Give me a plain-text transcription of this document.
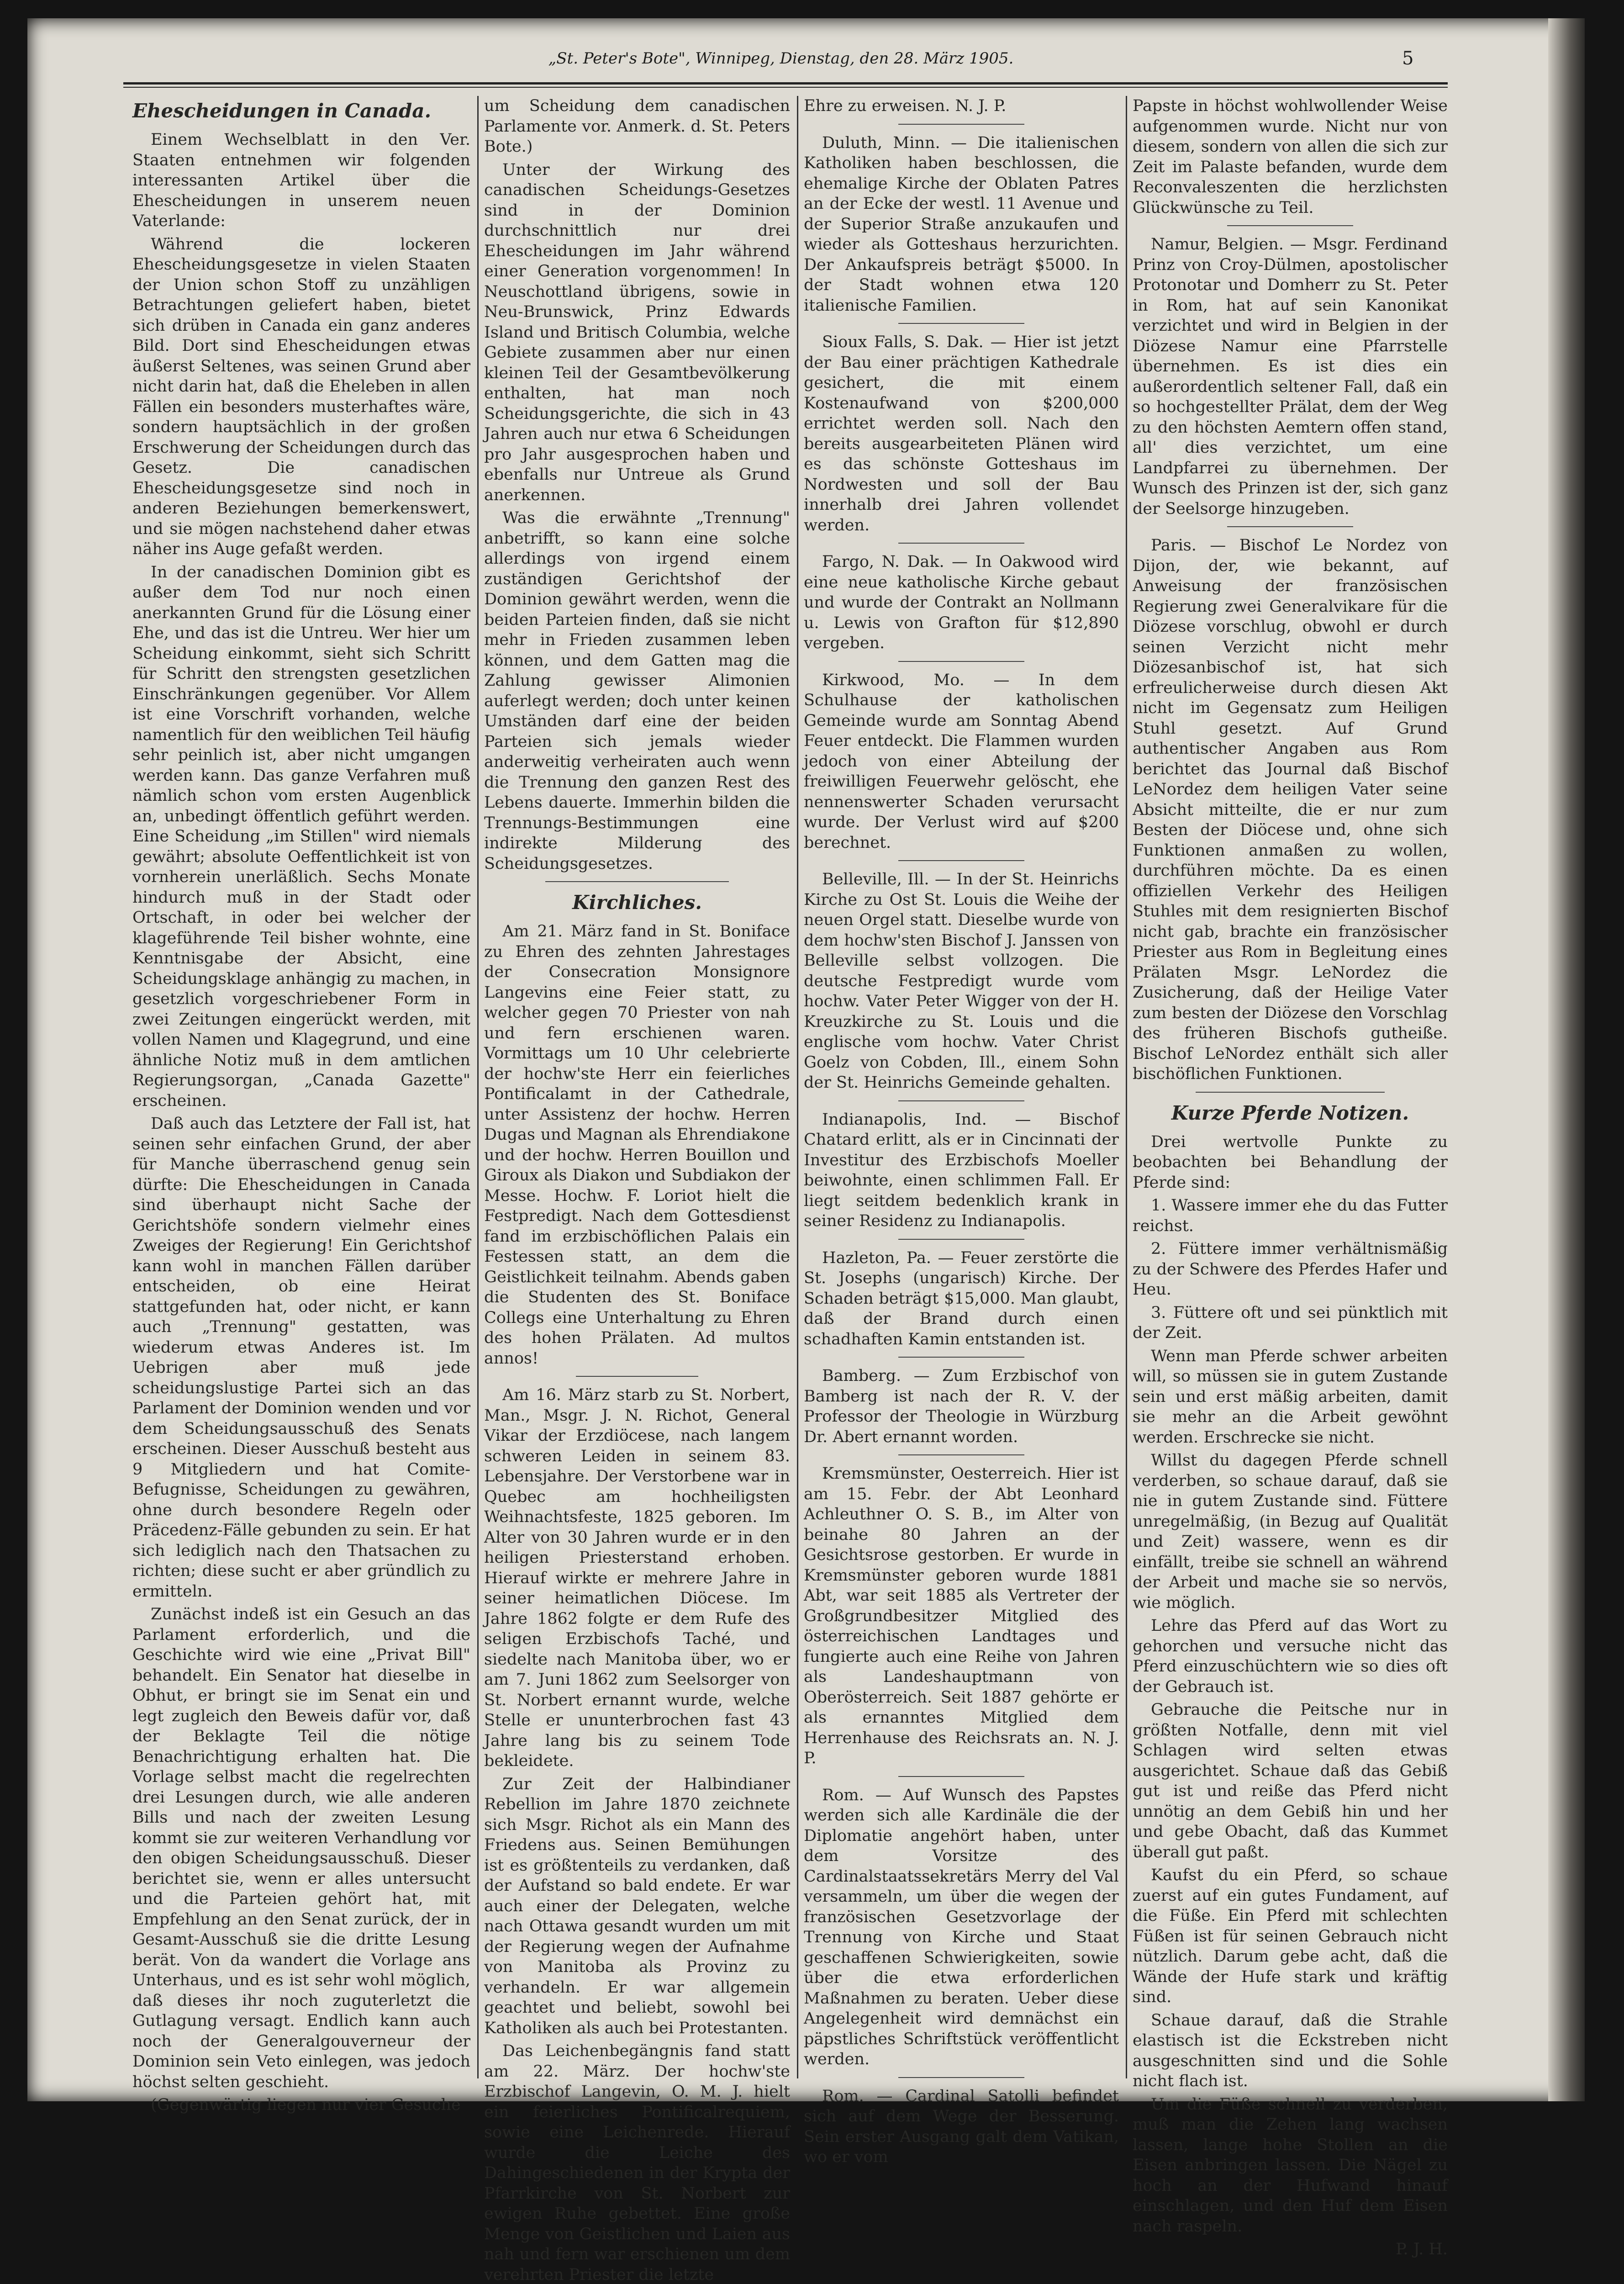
„St. Peter's Bote", Winnipeg, Dienstag, den 28. März 1905.	5
Ehescheidungen in Canada.

Einem Wechselblatt in den Ver. Staaten entnehmen wir folgenden interessanten Artikel über die Ehescheidungen in unserem neuen Vaterlande:

Während die lockeren Ehescheidungsgesetze in vielen Staaten der Union schon Stoff zu unzähligen Betrachtungen geliefert haben, bietet sich drüben in Canada ein ganz anderes Bild. Dort sind Ehescheidungen etwas äußerst Seltenes, was seinen Grund aber nicht darin hat, daß die Eheleben in allen Fällen ein besonders musterhaftes wäre, sondern hauptsächlich in der großen Erschwerung der Scheidungen durch das Gesetz. Die canadischen Ehescheidungsgesetze sind noch in anderen Beziehungen bemerkenswert, und sie mögen nachstehend daher etwas näher ins Auge gefaßt werden.

In der canadischen Dominion gibt es außer dem Tod nur noch einen anerkannten Grund für die Lösung einer Ehe, und das ist die Untreu. Wer hier um Scheidung einkommt, sieht sich Schritt für Schritt den strengsten gesetzlichen Einschränkungen gegenüber. Vor Allem ist eine Vorschrift vorhanden, welche namentlich für den weiblichen Teil häufig sehr peinlich ist, aber nicht umgangen werden kann. Das ganze Verfahren muß nämlich schon vom ersten Augenblick an, unbedingt öffentlich geführt werden. Eine Scheidung „im Stillen" wird niemals gewährt; absolute Oeffentlichkeit ist von vornherein unerläßlich. Sechs Monate hindurch muß in der Stadt oder Ortschaft, in oder bei welcher der klageführende Teil bisher wohnte, eine Kenntnisgabe der Absicht, eine Scheidungsklage anhängig zu machen, in gesetzlich vorgeschriebener Form in zwei Zeitungen eingerückt werden, mit vollen Namen und Klagegrund, und eine ähnliche Notiz muß in dem amtlichen Regierungsorgan, „Canada Gazette" erscheinen.

Daß auch das Letztere der Fall ist, hat seinen sehr einfachen Grund, der aber für Manche überraschend genug sein dürfte: Die Ehescheidungen in Canada sind überhaupt nicht Sache der Gerichtshöfe sondern vielmehr eines Zweiges der Regierung! Ein Gerichtshof kann wohl in manchen Fällen darüber entscheiden, ob eine Heirat stattgefunden hat, oder nicht, er kann auch „Trennung" gestatten, was wiederum etwas Anderes ist. Im Uebrigen aber muß jede scheidungslustige Partei sich an das Parlament der Dominion wenden und vor dem Scheidungsausschuß des Senats erscheinen. Dieser Ausschuß besteht aus 9 Mitgliedern und hat Comite-Befugnisse, Scheidungen zu gewähren, ohne durch besondere Regeln oder Präcedenz-Fälle gebunden zu sein. Er hat sich lediglich nach den Thatsachen zu richten; diese sucht er aber gründlich zu ermitteln.

Zunächst indeß ist ein Gesuch an das Parlament erforderlich, und die Geschichte wird wie eine „Privat Bill" behandelt. Ein Senator hat dieselbe in Obhut, er bringt sie im Senat ein und legt zugleich den Beweis dafür vor, daß der Beklagte Teil die nötige Benachrichtigung erhalten hat. Die Vorlage selbst macht die regelrechten drei Lesungen durch, wie alle anderen Bills und nach der zweiten Lesung kommt sie zur weiteren Verhandlung vor den obigen Scheidungsausschuß. Dieser berichtet sie, wenn er alles untersucht und die Parteien gehört hat, mit Empfehlung an den Senat zurück, der in Gesamt-Ausschuß sie die dritte Lesung berät. Von da wandert die Vorlage ans Unterhaus, und es ist sehr wohl möglich, daß dieses ihr noch zuguterletzt die Gutlagung versagt. Endlich kann auch noch der Generalgouverneur der Dominion sein Veto einlegen, was jedoch höchst selten geschieht.

(Gegenwärtig liegen nur vier Gesuche

um Scheidung dem canadischen Parlamente vor. Anmerk. d. St. Peters Bote.)

Unter der Wirkung des canadischen Scheidungs-Gesetzes sind in der Dominion durchschnittlich nur drei Ehescheidungen im Jahr während einer Generation vorgenommen! In Neuschottland übrigens, sowie in Neu-Brunswick, Prinz Edwards Island und Britisch Columbia, welche Gebiete zusammen aber nur einen kleinen Teil der Gesamtbevölkerung enthalten, hat man noch Scheidungsgerichte, die sich in 43 Jahren auch nur etwa 6 Scheidungen pro Jahr ausgesprochen haben und ebenfalls nur Untreue als Grund anerkennen.

Was die erwähnte „Trennung" anbetrifft, so kann eine solche allerdings von irgend einem zuständigen Gerichtshof der Dominion gewährt werden, wenn die beiden Parteien finden, daß sie nicht mehr in Frieden zusammen leben können, und dem Gatten mag die Zahlung gewisser Alimonien auferlegt werden; doch unter keinen Umständen darf eine der beiden Parteien sich jemals wieder anderweitig verheiraten auch wenn die Trennung den ganzen Rest des Lebens dauerte. Immerhin bilden die Trennungs-Bestimmungen eine indirekte Milderung des Scheidungsgesetzes.

Kirchliches.

Am 21. März fand in St. Boniface zu Ehren des zehnten Jahrestages der Consecration Monsignore Langevins eine Feier statt, zu welcher gegen 70 Priester von nah und fern erschienen waren. Vormittags um 10 Uhr celebrierte der hochw'ste Herr ein feierliches Pontificalamt in der Cathedrale, unter Assistenz der hochw. Herren Dugas und Magnan als Ehrendiakone und der hochw. Herren Bouillon und Giroux als Diakon und Subdiakon der Messe. Hochw. F. Loriot hielt die Festpredigt. Nach dem Gottesdienst fand im erzbischöflichen Palais ein Festessen statt, an dem die Geistlichkeit teilnahm. Abends gaben die Studenten des St. Boniface Collegs eine Unterhaltung zu Ehren des hohen Prälaten. Ad multos annos!

Am 16. März starb zu St. Norbert, Man., Msgr. J. N. Richot, General Vikar der Erzdiöcese, nach langem schweren Leiden in seinem 83. Lebensjahre. Der Verstorbene war in Quebec am hochheiligsten Weihnachtsfeste, 1825 geboren. Im Alter von 30 Jahren wurde er in den heiligen Priesterstand erhoben. Hierauf wirkte er mehrere Jahre in seiner heimatlichen Diöcese. Im Jahre 1862 folgte er dem Rufe des seligen Erzbischofs Taché, und siedelte nach Manitoba über, wo er am 7. Juni 1862 zum Seelsorger von St. Norbert ernannt wurde, welche Stelle er ununterbrochen fast 43 Jahre lang bis zu seinem Tode bekleidete.

Zur Zeit der Halbindianer Rebellion im Jahre 1870 zeichnete sich Msgr. Richot als ein Mann des Friedens aus. Seinen Bemühungen ist es größtenteils zu verdanken, daß der Aufstand so bald endete. Er war auch einer der Delegaten, welche nach Ottawa gesandt wurden um mit der Regierung wegen der Aufnahme von Manitoba als Provinz zu verhandeln. Er war allgemein geachtet und beliebt, sowohl bei Katholiken als auch bei Protestanten.

Das Leichenbegängnis fand statt am 22. März. Der hochw'ste Erzbischof Langevin, O. M. J. hielt ein feierliches Pontificalrequiem, sowie eine Leichenrede. Hierauf wurde die Leiche des Dahingeschiedenen in der Krypta der Pfarrkirche von St. Norbert zur ewigen Ruhe gebettet. Eine große Menge von Geistlichen und Laien aus nah und fern war erschienen um dem verehrten Priester die letzte

Ehre zu erweisen. N. J. P.

Duluth, Minn. — Die italienischen Katholiken haben beschlossen, die ehemalige Kirche der Oblaten Patres an der Ecke der westl. 11 Avenue und der Superior Straße anzukaufen und wieder als Gotteshaus herzurichten. Der Ankaufspreis beträgt $5000. In der Stadt wohnen etwa 120 italienische Familien.

Sioux Falls, S. Dak. — Hier ist jetzt der Bau einer prächtigen Kathedrale gesichert, die mit einem Kostenaufwand von $200,000 errichtet werden soll. Nach den bereits ausgearbeiteten Plänen wird es das schönste Gotteshaus im Nordwesten und soll der Bau innerhalb drei Jahren vollendet werden.

Fargo, N. Dak. — In Oakwood wird eine neue katholische Kirche gebaut und wurde der Contrakt an Nollmann u. Lewis von Grafton für $12,890 vergeben.

Kirkwood, Mo. — In dem Schulhause der katholischen Gemeinde wurde am Sonntag Abend Feuer entdeckt. Die Flammen wurden jedoch von einer Abteilung der freiwilligen Feuerwehr gelöscht, ehe nennenswerter Schaden verursacht wurde. Der Verlust wird auf $200 berechnet.

Belleville, Ill. — In der St. Heinrichs Kirche zu Ost St. Louis die Weihe der neuen Orgel statt. Dieselbe wurde von dem hochw'sten Bischof J. Janssen von Belleville selbst vollzogen. Die deutsche Festpredigt wurde vom hochw. Vater Peter Wigger von der H. Kreuzkirche zu St. Louis und die englische vom hochw. Vater Christ Goelz von Cobden, Ill., einem Sohn der St. Heinrichs Gemeinde gehalten.

Indianapolis, Ind. — Bischof Chatard erlitt, als er in Cincinnati der Investitur des Erzbischofs Moeller beiwohnte, einen schlimmen Fall. Er liegt seitdem bedenklich krank in seiner Residenz zu Indianapolis.

Hazleton, Pa. — Feuer zerstörte die St. Josephs (ungarisch) Kirche. Der Schaden beträgt $15,000. Man glaubt, daß der Brand durch einen schadhaften Kamin entstanden ist.

Bamberg. — Zum Erzbischof von Bamberg ist nach der R. V. der Professor der Theologie in Würzburg Dr. Abert ernannt worden.

Kremsmünster, Oesterreich. Hier ist am 15. Febr. der Abt Leonhard Achleuthner O. S. B., im Alter von beinahe 80 Jahren an der Gesichtsrose gestorben. Er wurde in Kremsmünster geboren wurde 1881 Abt, war seit 1885 als Vertreter der Großgrundbesitzer Mitglied des österreichischen Landtages und fungierte auch eine Reihe von Jahren als Landeshauptmann von Oberösterreich. Seit 1887 gehörte er als ernanntes Mitglied dem Herrenhause des Reichsrats an. N. J. P.

Rom. — Auf Wunsch des Papstes werden sich alle Kardinäle die der Diplomatie angehört haben, unter dem Vorsitze des Cardinalstaatssekretärs Merry del Val versammeln, um über die wegen der französischen Gesetzvorlage der Trennung von Kirche und Staat geschaffenen Schwierigkeiten, sowie über die etwa erforderlichen Maßnahmen zu beraten. Ueber diese Angelegenheit wird demnächst ein päpstliches Schriftstück veröffentlicht werden.

Rom. — Cardinal Satolli befindet sich auf dem Wege der Besserung. Sein erster Ausgang galt dem Vatikan, wo er vom

Papste in höchst wohlwollender Weise aufgenommen wurde. Nicht nur von diesem, sondern von allen die sich zur Zeit im Palaste befanden, wurde dem Reconvaleszenten die herzlichsten Glückwünsche zu Teil.

Namur, Belgien. — Msgr. Ferdinand Prinz von Croy-Dülmen, apostolischer Protonotar und Domherr zu St. Peter in Rom, hat auf sein Kanonikat verzichtet und wird in Belgien in der Diözese Namur eine Pfarrstelle übernehmen. Es ist dies ein außerordentlich seltener Fall, daß ein so hochgestellter Prälat, dem der Weg zu den höchsten Aemtern offen stand, all' dies verzichtet, um eine Landpfarrei zu übernehmen. Der Wunsch des Prinzen ist der, sich ganz der Seelsorge hinzugeben.

Paris. — Bischof Le Nordez von Dijon, der, wie bekannt, auf Anweisung der französischen Regierung zwei Generalvikare für die Diözese vorschlug, obwohl er durch seinen Verzicht nicht mehr Diözesanbischof ist, hat sich erfreulicherweise durch diesen Akt nicht im Gegensatz zum Heiligen Stuhl gesetzt. Auf Grund authentischer Angaben aus Rom berichtet das Journal daß Bischof LeNordez dem heiligen Vater seine Absicht mitteilte, die er nur zum Besten der Diöcese und, ohne sich Funktionen anmaßen zu wollen, durchführen möchte. Da es einen offiziellen Verkehr des Heiligen Stuhles mit dem resignierten Bischof nicht gab, brachte ein französischer Priester aus Rom in Begleitung eines Prälaten Msgr. LeNordez die Zusicherung, daß der Heilige Vater zum besten der Diözese den Vorschlag des früheren Bischofs gutheiße. Bischof LeNordez enthält sich aller bischöflichen Funktionen.

Kurze Pferde Notizen.

Drei wertvolle Punkte zu beobachten bei Behandlung der Pferde sind:

1. Wassere immer ehe du das Futter reichst.

2. Füttere immer verhältnismäßig zu der Schwere des Pferdes Hafer und Heu.

3. Füttere oft und sei pünktlich mit der Zeit.

Wenn man Pferde schwer arbeiten will, so müssen sie in gutem Zustande sein und erst mäßig arbeiten, damit sie mehr an die Arbeit gewöhnt werden. Erschrecke sie nicht.

Willst du dagegen Pferde schnell verderben, so schaue darauf, daß sie nie in gutem Zustande sind. Füttere unregelmäßig, (in Bezug auf Qualität und Zeit) wassere, wenn es dir einfällt, treibe sie schnell an während der Arbeit und mache sie so nervös, wie möglich.

Lehre das Pferd auf das Wort zu gehorchen und versuche nicht das Pferd einzuschüchtern wie so dies oft der Gebrauch ist.

Gebrauche die Peitsche nur in größten Notfalle, denn mit viel Schlagen wird selten etwas ausgerichtet. Schaue daß das Gebiß gut ist und reiße das Pferd nicht unnötig an dem Gebiß hin und her und gebe Obacht, daß das Kummet überall gut paßt.

Kaufst du ein Pferd, so schaue zuerst auf ein gutes Fundament, auf die Füße. Ein Pferd mit schlechten Füßen ist für seinen Gebrauch nicht nützlich. Darum gebe acht, daß die Wände der Hufe stark und kräftig sind.

Schaue darauf, daß die Strahle elastisch ist die Eckstreben nicht ausgeschnitten sind und die Sohle nicht flach ist.

Um die Füße schnell zu verderben, muß man die Zehen lang wachsen lassen, lange hohe Stollen an die Eisen anbringen lassen. Die Nägel zu hoch an der Hufwand hinauf einschlagen, und den Huf dem Eisen nach raspeln.

P. J. H.
